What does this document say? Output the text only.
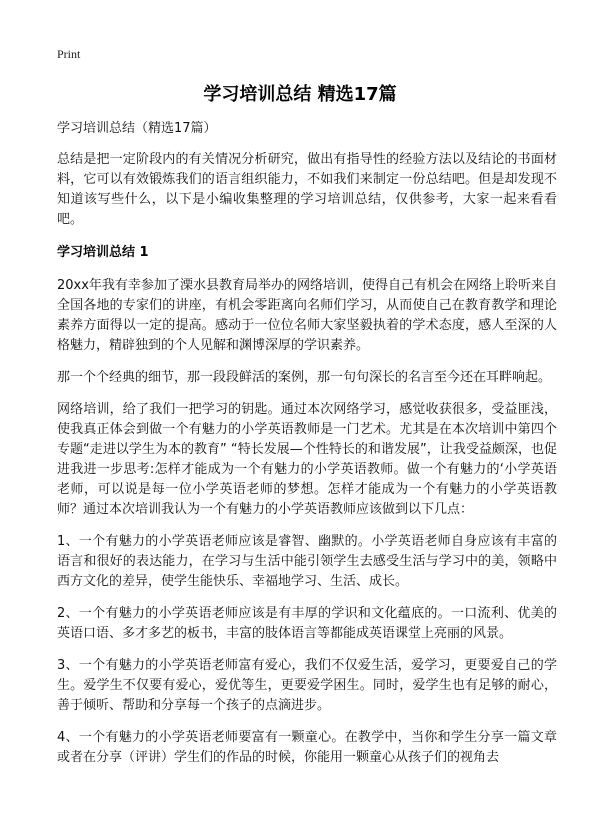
Print
学习培训总结 精选17篇
学习培训总结（精选17篇）
总结是把一定阶段内的有关情况分析研究，做出有指导性的经验方法以及结论的书面材料，它可以有效锻炼我们的语言组织能力，不如我们来制定一份总结吧。但是却发现不知道该写些什么，以下是小编收集整理的学习培训总结，仅供参考，大家一起来看看吧。
学习培训总结 1
20xx年我有幸参加了溧水县教育局举办的网络培训，使得自己有机会在网络上聆听来自全国各地的专家们的讲座，有机会零距离向名师们学习，从而使自己在教育教学和理论素养方面得以一定的提高。感动于一位位名师大家坚毅执着的学术态度，感人至深的人格魅力，精辟独到的个人见解和渊博深厚的学识素养。
那一个个经典的细节，那一段段鲜活的案例，那一句句深长的名言至今还在耳畔响起。
网络培训，给了我们一把学习的钥匙。通过本次网络学习，感觉收获很多，受益匪浅，使我真正体会到做一个有魅力的小学英语教师是一门艺术。尤其是在本次培训中第四个专题“走进以学生为本的教育” “特长发展—个性特长的和谐发展”，让我受益颇深，也促进我进一步思考:怎样才能成为一个有魅力的小学英语教师。做一个有魅力的‘小学英语老师，可以说是每一位小学英语老师的梦想。怎样才能成为一个有魅力的小学英语教师？通过本次培训我认为一个有魅力的小学英语教师应该做到以下几点：
1、一个有魅力的小学英语老师应该是睿智、幽默的。小学英语老师自身应该有丰富的语言和很好的表达能力，在学习与生活中能引领学生去感受生活与学习中的美，领略中西方文化的差异，使学生能快乐、幸福地学习、生活、成长。
2、一个有魅力的小学英语老师应该是有丰厚的学识和文化蕴底的。一口流利、优美的英语口语、多才多艺的板书，丰富的肢体语言等都能成英语课堂上亮丽的风景。
3、一个有魅力的小学英语老师富有爱心，我们不仅爱生活，爱学习，更要爱自己的学生。爱学生不仅要有爱心，爱优等生，更要爱学困生。同时，爱学生也有足够的耐心，善于倾听、帮助和分享每一个孩子的点滴进步。
4、一个有魅力的小学英语老师要富有一颗童心。在教学中，当你和学生分享一篇文章或者在分享（评讲）学生们的作品的时候，你能用一颗童心从孩子们的视角去
